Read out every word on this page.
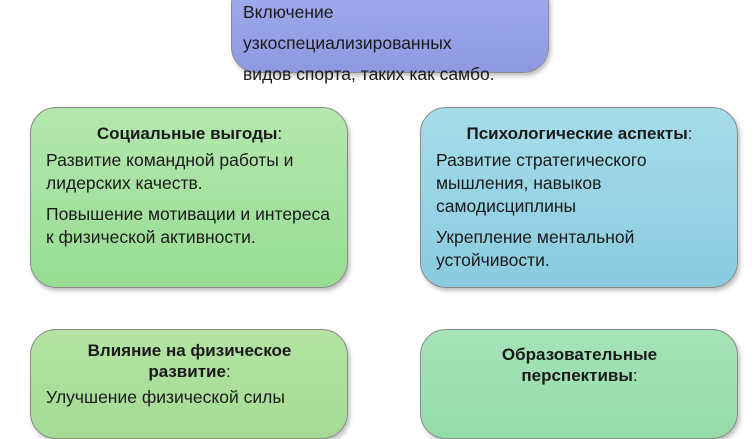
Включение
узкоспециализированных
видов спорта, таких как самбо.
Социальные выгоды:

Развитие командной работы и лидерских качеств.

Повышение мотивации и интереса к физической активности.

Психологические аспекты:

Развитие стратегического мышления, навыков самодисциплины

Укрепление ментальной устойчивости.

Влияние на физическое
развитие:

Улучшение физической силы

Образовательные
перспективы:
